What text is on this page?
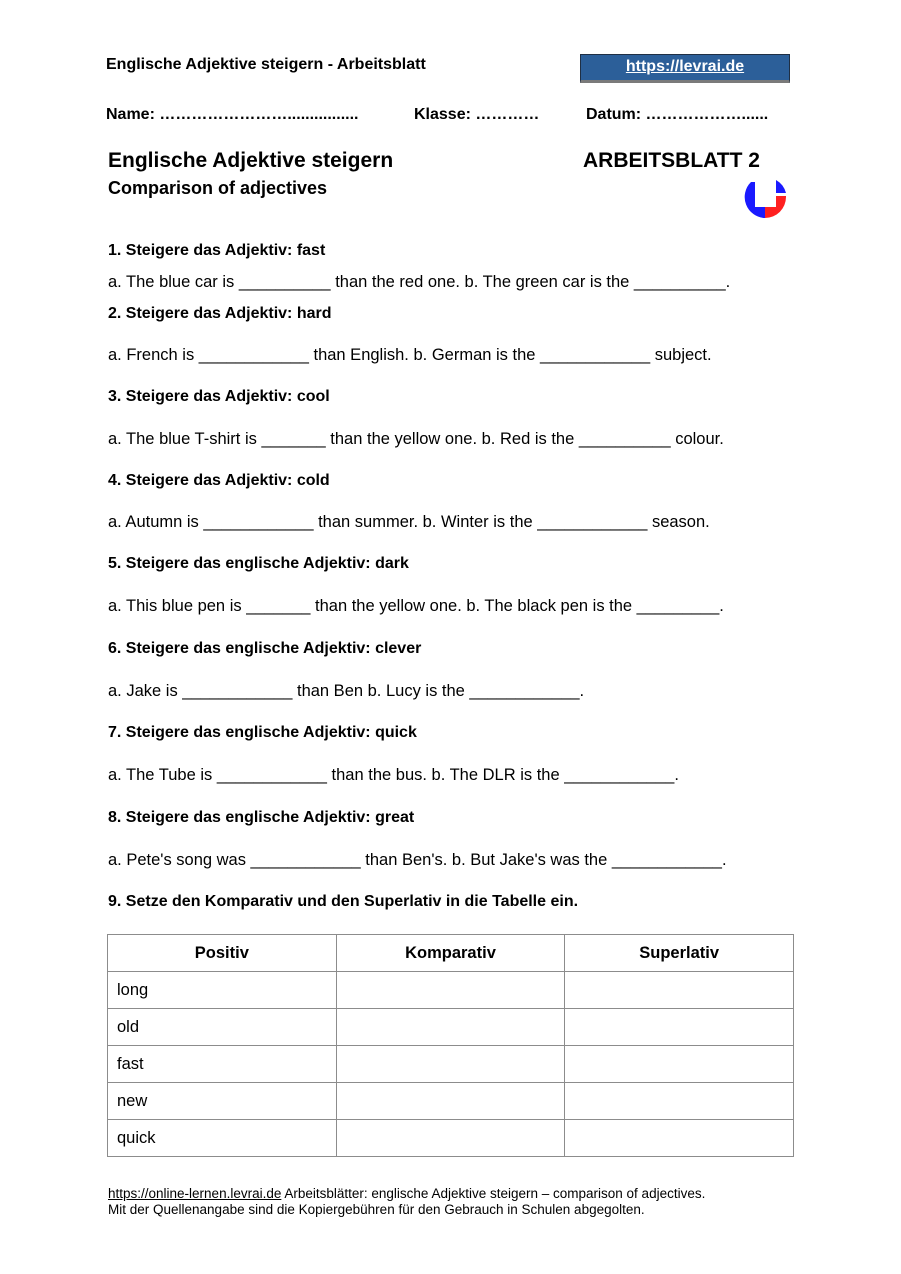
Englische Adjektive steigern - Arbeitsblatt	https://levrai.de
Name: ……………………................	Klasse: …………	Datum: ………………......
Englische Adjektive steigern
Comparison of adjectives
ARBEITSBLATT 2
1. Steigere das Adjektiv: fast
a. The blue car is __________ than the red one. b. The green car is the __________.
2. Steigere das Adjektiv: hard
a. French is ____________ than English. b. German is the ____________ subject.
3. Steigere das Adjektiv: cool
a. The blue T-shirt is _______ than the yellow one. b. Red is the __________ colour.
4. Steigere das Adjektiv: cold
a. Autumn is ____________ than summer. b. Winter is the ____________ season.
5. Steigere das englische Adjektiv: dark
a. This blue pen is _______ than the yellow one. b. The black pen is the _________.
6. Steigere das englische Adjektiv: clever
a. Jake is ____________ than Ben b. Lucy is the ____________.
7. Steigere das englische Adjektiv: quick
a. The Tube is ____________ than the bus. b. The DLR is the ____________.
8. Steigere das englische Adjektiv: great
a. Pete's song was ____________ than Ben's. b. But Jake's was the ____________.
9. Setze den Komparativ und den Superlativ in die Tabelle ein.
Positiv	Komparativ	Superlativ
long		
old		
fast		
new		
quick		
https://online-lernen.levrai.de Arbeitsblätter: englische Adjektive steigern – comparison of adjectives.
Mit der Quellenangabe sind die Kopiergebühren für den Gebrauch in Schulen abgegolten.
